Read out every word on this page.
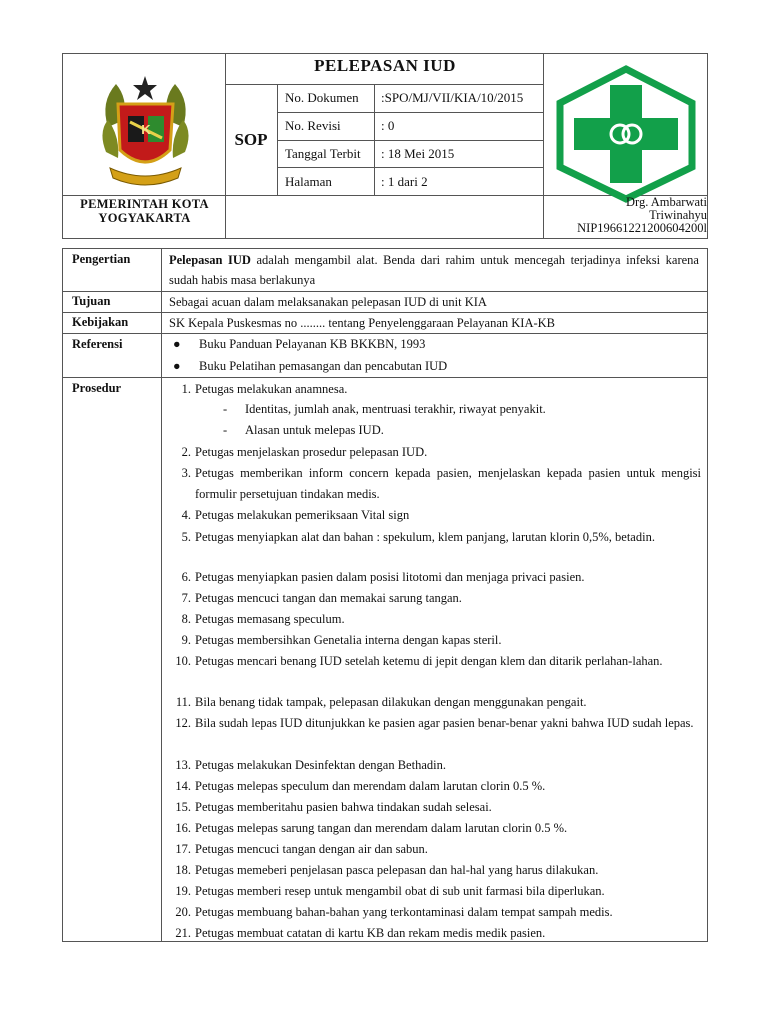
K
PEMERINTAH KOTA
YOGYAKARTA
PELEPASAN IUD
SOP
No. Dokumen :SPO/MJ/VII/KIA/10/2015
No. Revisi	: 0
Tanggal Terbit : 18 Mei 2015
Halaman	: 1 dari 2
Drg. Ambarwati
Triwinahyu
NIP19661221200604200l
Pengertian	Pelepasan IUD adalah mengambil alat. Benda dari rahim untuk mencegah terjadinya infeksi karena sudah habis masa berlakunya
Tujuan	Sebagai acuan dalam melaksanakan pelepasan IUD di unit KIA
Kebijakan	SK Kepala Puskesmas no ........ tentang Penyelenggaraan Pelayanan KIA-KB
Referensi	● Buku Panduan Pelayanan KB BKKBN, 1993
● Buku Pelatihan pemasangan dan pencabutan IUD
Prosedur	1. Petugas melakukan anamnesa.
- Identitas, jumlah anak, mentruasi terakhir, riwayat penyakit.
- Alasan untuk melepas IUD.
2. Petugas menjelaskan prosedur pelepasan IUD.
3. Petugas memberikan inform concern kepada pasien, menjelaskan kepada pasien untuk mengisi formulir persetujuan tindakan medis.
4. Petugas melakukan pemeriksaan Vital sign
5. Petugas menyiapkan alat dan bahan : spekulum, klem panjang, larutan klorin 0,5%, betadin.
6. Petugas menyiapkan pasien dalam posisi litotomi dan menjaga privaci pasien.
7. Petugas mencuci tangan dan memakai sarung tangan.
8. Petugas memasang speculum.
9. Petugas membersihkan Genetalia interna dengan kapas steril.
10. Petugas mencari benang IUD setelah ketemu di jepit dengan klem dan ditarik perlahan-lahan.
11. Bila benang tidak tampak, pelepasan dilakukan dengan menggunakan pengait.
12. Bila sudah lepas IUD ditunjukkan ke pasien agar pasien benar-benar yakni bahwa IUD sudah lepas.
13. Petugas melakukan Desinfektan dengan Bethadin.
14. Petugas melepas speculum dan merendam dalam larutan clorin 0.5 %.
15. Petugas memberitahu pasien bahwa tindakan sudah selesai.
16. Petugas melepas sarung tangan dan merendam dalam larutan clorin 0.5 %.
17. Petugas mencuci tangan dengan air dan sabun.
18. Petugas memeberi penjelasan pasca pelepasan dan hal-hal yang harus dilakukan.
19. Petugas memberi resep untuk mengambil obat di sub unit farmasi bila diperlukan.
20. Petugas membuang bahan-bahan yang terkontaminasi dalam tempat sampah medis.
21. Petugas membuat catatan di kartu KB dan rekam medis medik pasien.
